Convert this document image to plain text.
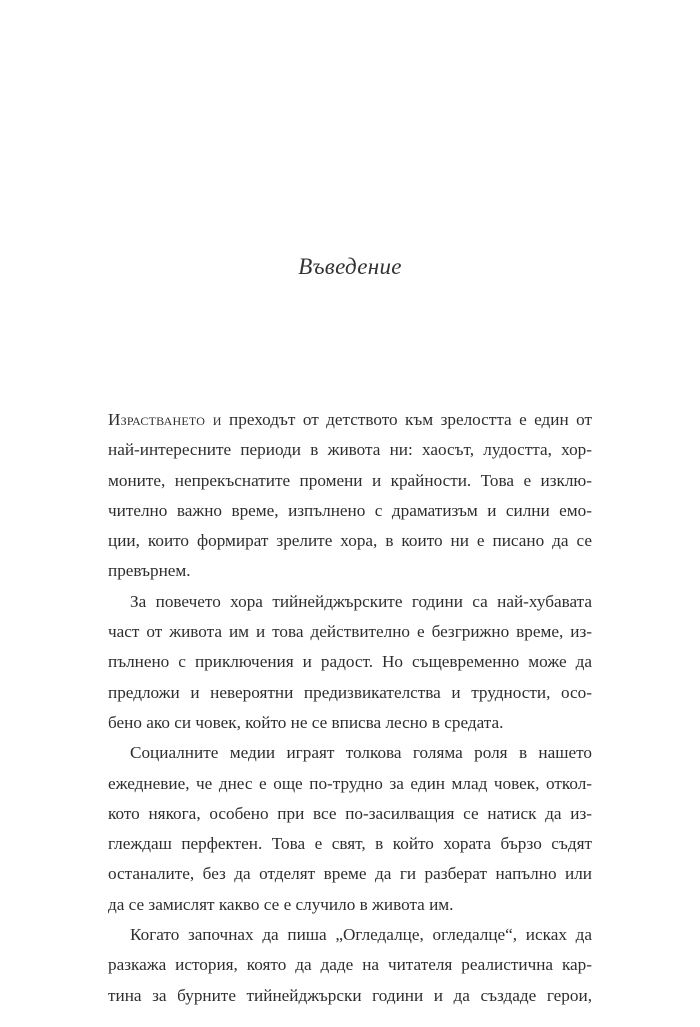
Въведение
Израстването и преходът от детството към зрелостта е един от
най-интересните периоди в живота ни: хаосът, лудостта, хор-
моните, непрекъснатите промени и крайности. Това е изклю-
чително важно време, изпълнено с драматизъм и силни емо-
ции, които формират зрелите хора, в които ни е писано да се
превърнем.
За повечето хора тийнейджърските години са най-хубавата
част от живота им и това действително е безгрижно време, из-
пълнено с приключения и радост. Но същевременно може да
предложи и невероятни предизвикателства и трудности, осо-
бено ако си човек, който не се вписва лесно в средата.
Социалните медии играят толкова голяма роля в нашето
ежедневие, че днес е още по-трудно за един млад човек, откол-
кото някога, особено при все по-засилващия се натиск да из-
глеждаш перфектен. Това е свят, в който хората бързо съдят
останалите, без да отделят време да ги разберат напълно или
да се замислят какво се е случило в живота им.
Когато започнах да пиша „Огледалце, огледалце“, исках да
разкажа история, която да даде на читателя реалистична кар-
тина за бурните тийнейджърски години и да създаде герои,
